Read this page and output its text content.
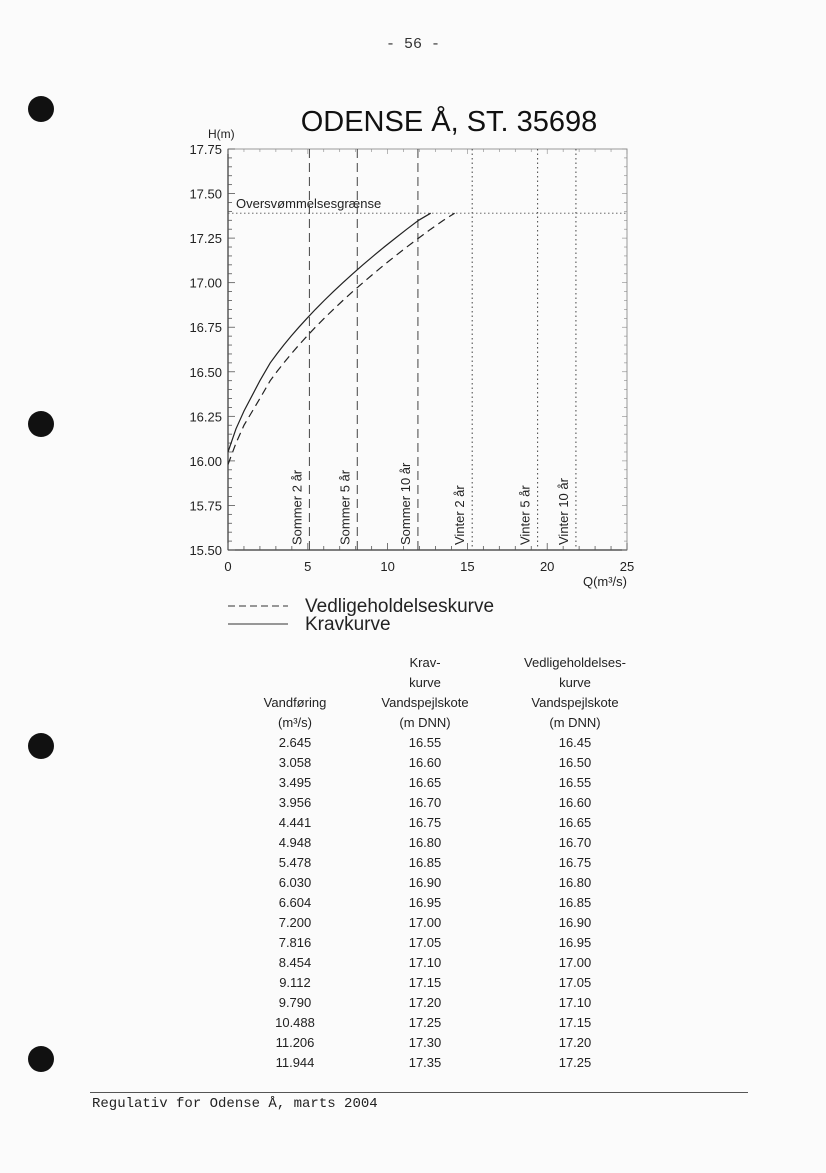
- 56 -
0	5	10	15	20	25
15.50
15.75
16.00
16.25
16.50
16.75
17.00
17.25
17.50
17.75
H(m)
Q(m³/s)
ODENSE Å, ST. 35698
Oversvømmelsesgrænse
Sommer 2 år	Sommer 5 år	Sommer 10 år	Vinter 2 år	Vinter 5 år Vinter 10 år
Vedligeholdelseskurve
Kravkurve
	Krav-	Vedligeholdelses-
	kurve	kurve
Vandføring	Vandspejlskote	Vandspejlskote
(m³/s)	(m DNN)	(m DNN)
2.645	16.55	16.45
3.058	16.60	16.50
3.495	16.65	16.55
3.956	16.70	16.60
4.441	16.75	16.65
4.948	16.80	16.70
5.478	16.85	16.75
6.030	16.90	16.80
6.604	16.95	16.85
7.200	17.00	16.90
7.816	17.05	16.95
8.454	17.10	17.00
9.112	17.15	17.05
9.790	17.20	17.10
10.488	17.25	17.15
11.206	17.30	17.20
11.944	17.35	17.25
Regulativ for Odense Å, marts 2004
